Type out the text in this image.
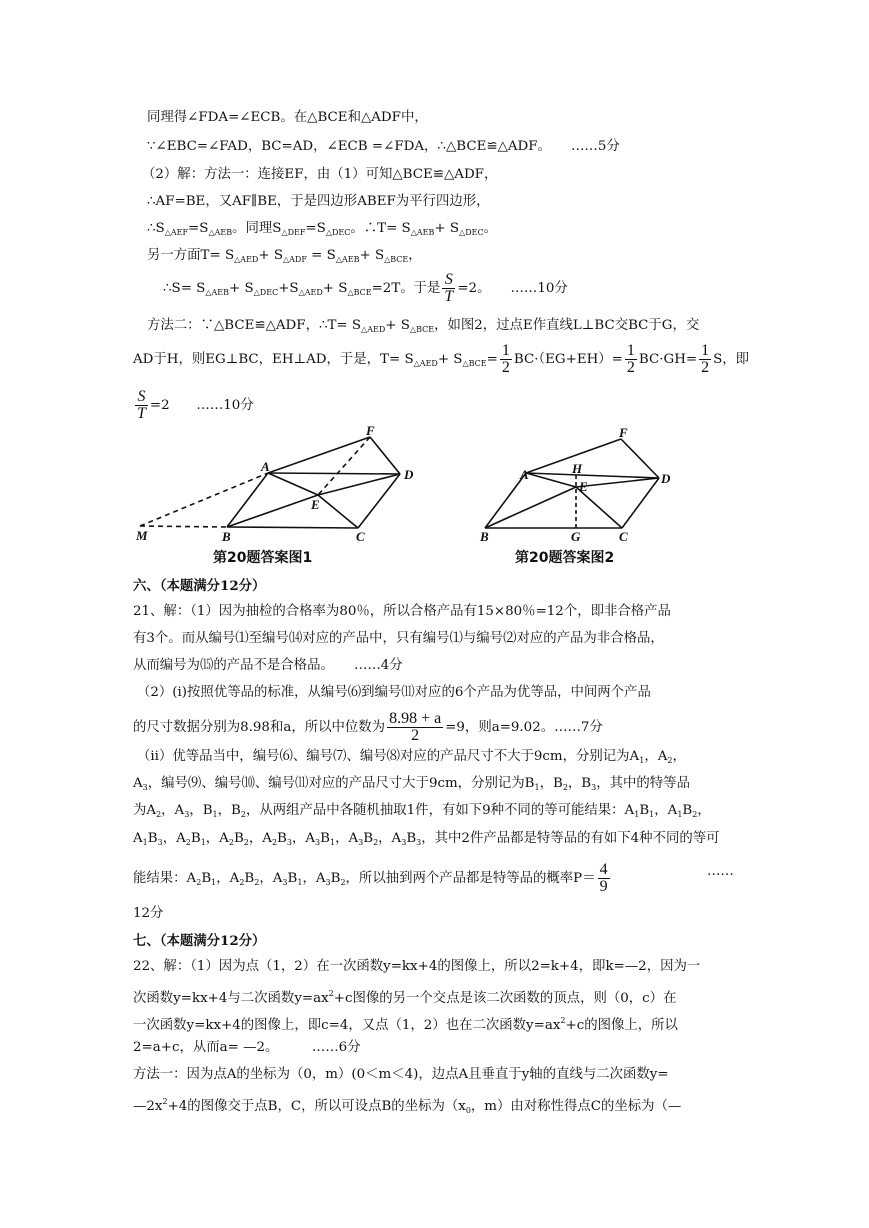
同理得∠FDA=∠ECB。在△BCE和△ADF中，
∵∠EBC=∠FAD，BC=AD，∠ECB =∠FDA，∴△BCE≌△ADF。　　……5分
（2）解：方法一：连接EF，由（1）可知△BCE≌△ADF，
∴AF=BE，又AF∥BE，于是四边形ABEF为平行四边形，
$\therefore S_{\triangle AEF}=S_{\triangle AEB}$。同理$S_{\triangle DEF}=S_{\triangle DEC}$。∴T= $S_{\triangle AEB}+ S_{\triangle DEC}$。
另一方面$T= S_{\triangle AED}+ S_{\triangle ADF} = S_{\triangle AEB}+ S_{\triangle BCE}$，
∴S= $S_{\triangle AEB}+ S_{\triangle DEC}+S_{\triangle AED}+ S_{\triangle BCE}=2T$。于是 $\frac{S}{T} =2$。　　……10分
方法二：∵△BCE≌△ADF，∴T= $S_{\triangle AED}+ S_{\triangle BCE}$，如图2，过点E作直线L⊥BC交BC于G，交
AD于H，则EG⊥BC，EH⊥AD，于是，$T= S_{\triangle AED}+ S_{\triangle BCE}= \frac{1}{2} BC\cdot(EG+EH)= \frac{1}{2} BC\cdot GH= \frac{1}{2}$ S，即
$\frac{S}{T} =2$　　……10分
F
A
D
E
M	B	C
第20题答案图1
F
A	H
E
D
B	G	C
第20题答案图2
六、（本题满分12分）
21、解：（1）因为抽检的合格率为80％，所以合格产品有15×80％=12个，即非合格产品
有3个。而从编号⑴至编号⒁对应的产品中，只有编号⑴与编号⑵对应的产品为非合格品，
从而编号为⒂的产品不是合格品。　　……4分
（2）(ⅰ)按照优等品的标准，从编号⑹到编号⑾对应的6个产品为优等品，中间两个产品
的尺寸数据分别为8.98和a，所以中位数为 $\frac{8.98 + a}{2} =9$，则a=9.02。……7分
（ⅱ）优等品当中，编号⑹、编号⑺、编号⑻对应的产品尺寸不大于9cm，分别记为$A_1$，$A_2$，
$A_3$，编号⑼、编号⑽、编号⑾对应的产品尺寸大于9cm，分别记为$B_1$，$B_2$，$B_3$，其中的特等品
为$A_2$，$A_3$，$B_1$，$B_2$，从两组产品中各随机抽取1件，有如下9种不同的等可能结果：$A_1B_1$，$A_1B_2$，
$A_1B_3$，$A_2B_1$，$A_2B_2$，$A_2B_3$，$A_3B_1$，$A_3B_2$，$A_3B_3$，其中2件产品都是特等品的有如下4种不同的等可
能结果：$A_2B_1$，$A_2B_2$，$A_3B_1$，$A_3B_2$，所以抽到两个产品都是特等品的概率$P= \frac{4}{9}$	……
12分
七、（本题满分12分）
22、解：（1）因为点（1，2）在一次函数y=kx+4的图像上，所以2=k+4，即k=—2，因为一
次函数y=kx+4与二次函数$y=ax^2+c$图像的另一个交点是该二次函数的顶点，则（0，c）在
一次函数y=kx+4的图像上，即c=4，又点（1，2）也在二次函数$y=ax^2+c$的图像上，所以
2=a+c，从而a= —2。　　　……6分
方法一：因为点A的坐标为（0，m）(0＜m＜4)，边点A且垂直于y轴的直线与二次函数y=
$—2x^2+4$的图像交于点B，C，所以可设点B的坐标为（$x_0$，m）由对称性得点C的坐标为（—
